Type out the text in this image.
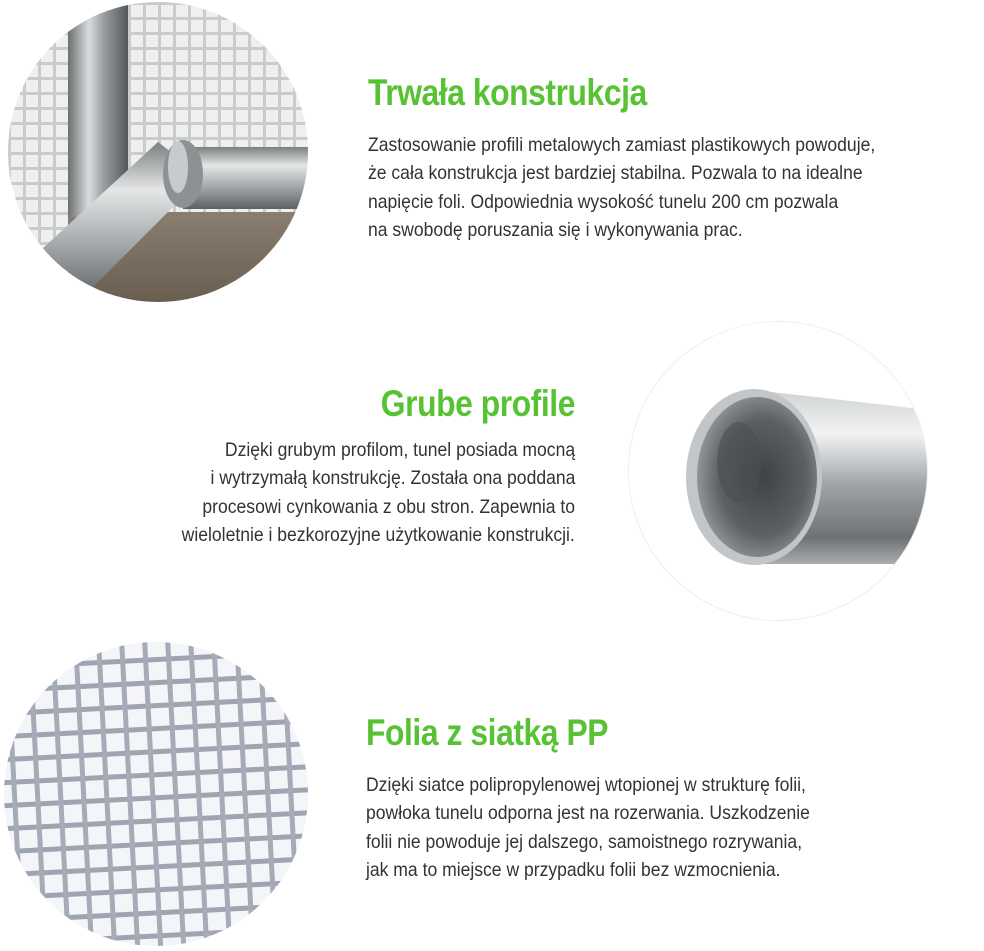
Trwała konstrukcja

Zastosowanie profili metalowych zamiast plastikowych powoduje,
że cała konstrukcja jest bardziej stabilna. Pozwala to na idealne
napięcie foli. Odpowiednia wysokość tunelu 200 cm pozwala
na swobodę poruszania się i wykonywania prac.

Grube profile

Dzięki grubym profilom, tunel posiada mocną
i wytrzymałą konstrukcję. Została ona poddana
procesowi cynkowania z obu stron. Zapewnia to
wieloletnie i bezkorozyjne użytkowanie konstrukcji.

Folia z siatką PP

Dzięki siatce polipropylenowej wtopionej w strukturę folii,
powłoka tunelu odporna jest na rozerwania. Uszkodzenie
folii nie powoduje jej dalszego, samoistnego rozrywania,
jak ma to miejsce w przypadku folii bez wzmocnienia.
